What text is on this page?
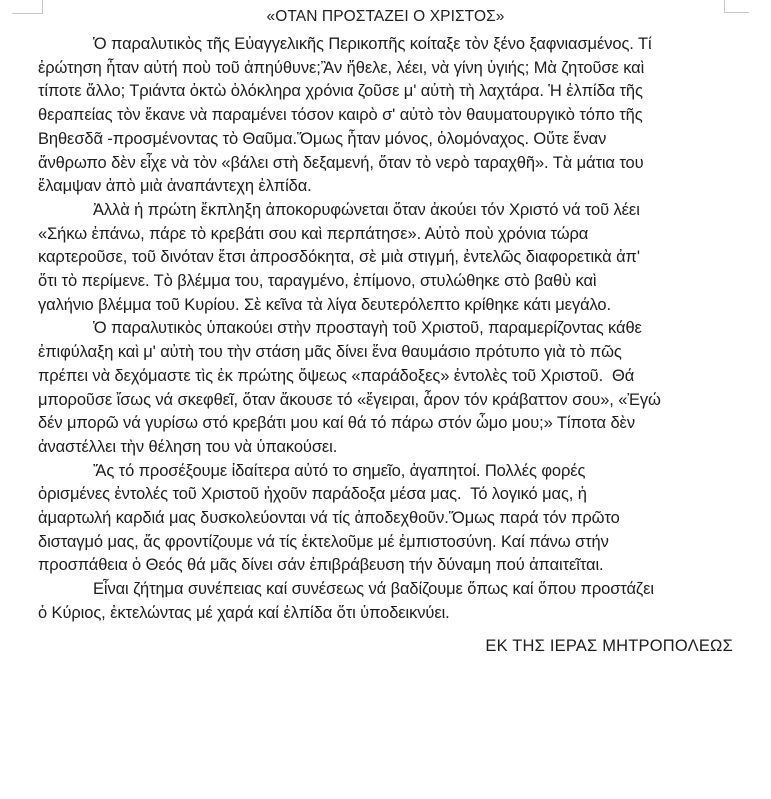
«ΟΤΑΝ ΠΡΟΣΤΑΖΕΙ Ο ΧΡΙΣΤΟΣ»
Ὁ παραλυτικὸς τῆς Εὐαγγελικῆς Περικοπῆς κοίταξε τὸν ξένο ξαφνιασμένος. Τί
ἐρώτηση ἦταν αὐτή ποὺ τοῦ ἀπηύθυνε;Ἂν ἤθελε, λέει, νὰ γίνη ὑγιής; Μὰ ζητοῦσε καὶ
τίποτε ἄλλο; Τριάντα ὀκτὼ ὁλόκληρα χρόνια ζοῦσε μ' αὐτὴ τὴ λαχτάρα. Ἡ ἐλπίδα τῆς
θεραπείας τὸν ἔκανε νὰ παραμένει τόσον καιρὸ σ' αὐτὸ τὸν θαυματουργικὸ τόπο τῆς
Βηθεσδᾶ -προσμένοντας τὸ Θαῦμα.Ὅμως ἦταν μόνος, ὁλομόναχος. Οὔτε ἕναν
ἄνθρωπο δὲν εἶχε νὰ τὸν «βάλει στὴ δεξαμενή, ὅταν τὸ νερὸ ταραχθῆ». Τὰ μάτια του
ἔλαμψαν ἀπὸ μιὰ ἀναπάντεχη ἐλπίδα.
Ἀλλὰ ἡ πρώτη ἔκπληξη ἀποκορυφώνεται ὅταν ἀκούει τόν Χριστό νά τοῦ λέει
«Σήκω ἐπάνω, πάρε τὸ κρεβάτι σου καὶ περπάτησε». Αὐτὸ ποὺ χρόνια τώρα
καρτεροῦσε, τοῦ δινόταν ἔτσι ἀπροσδόκητα, σὲ μιὰ στιγμή, ἐντελῶς διαφορετικὰ ἀπ'
ὅτι τὸ περίμενε. Τὸ βλέμμα του, ταραγμένο, ἐπίμονο, στυλώθηκε στὸ βαθὺ καὶ
γαλήνιο βλέμμα τοῦ Κυρίου. Σὲ κεῖνα τὰ λίγα δευτερόλεπτο κρίθηκε κάτι μεγάλο.
Ὁ παραλυτικὸς ὑπακούει στὴν προσταγὴ τοῦ Χριστοῦ, παραμερίζοντας κάθε
ἐπιφύλαξη καὶ μ' αὐτὴ του τὴν στάση μᾶς δίνει ἕνα θαυμάσιο πρότυπο γιὰ τὸ πῶς
πρέπει νὰ δεχόμαστε τὶς ἐκ πρώτης ὄψεως «παράδοξες» ἐντολὲς τοῦ Χριστοῦ.  Θά
μποροῦσε ἴσως νά σκεφθεῖ, ὅταν ἄκουσε τό «ἔγειραι, ἆρον τόν κράβαττον σου», «Ἐγώ
δέν μπορῶ νά γυρίσω στό κρεβάτι μου καί θά τό πάρω στόν ὦμο μου;» Τίποτα δὲν
ἀναστέλλει τὴν θέληση του νὰ ὑπακούσει.
Ἄς τό προσέξουμε ἰδαίτερα αὐτό το σημεῖο, ἀγαπητοί. Πολλές φορές
ὁρισμένες ἐντολές τοῦ Χριστοῦ ἠχοῦν παράδοξα μέσα μας.  Τό λογικό μας, ἡ
ἁμαρτωλή καρδιά μας δυσκολεύονται νά τίς ἀποδεχθοῦν.Ὅμως παρά τόν πρῶτο
δισταγμό μας, ἄς φροντίζουμε νά τίς ἐκτελοῦμε μέ ἐμπιστοσύνη. Καί πάνω στήν
προσπάθεια ὁ Θεός θά μᾶς δίνει σάν ἐπιβράβευση τήν δύναμη πού ἀπαιτεῖται.
Εἶναι ζήτημα συνέπειας καί συνέσεως νά βαδίζουμε ὅπως καί ὅπου προστάζει
ὁ Κύριος, ἐκτελώντας μέ χαρά καί ἐλπίδα ὅτι ὑποδεικνύει.
ΕΚ ΤΗΣ ΙΕΡΑΣ ΜΗΤΡΟΠΟΛΕΩΣ
